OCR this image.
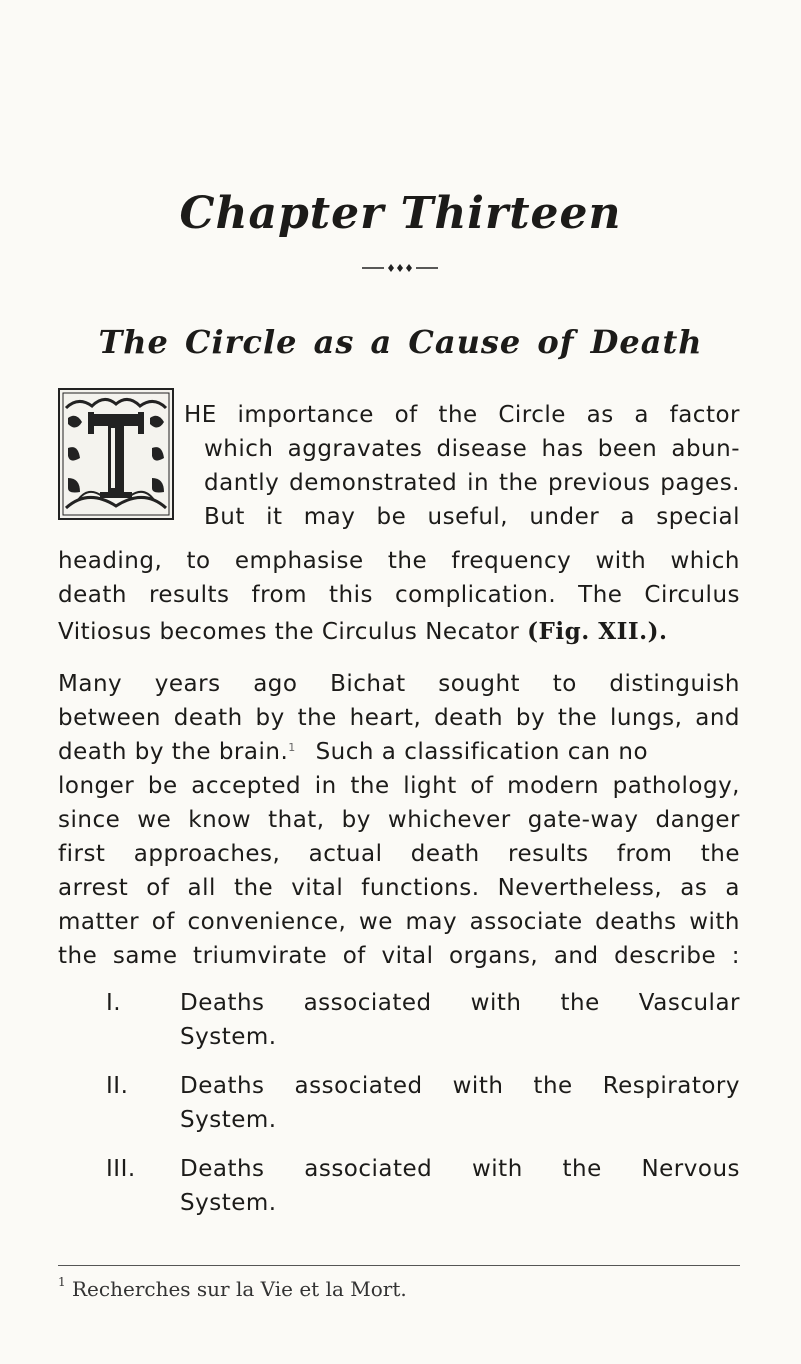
Chapter Thirteen
The Circle as a Cause of Death
HE importance of the Circle as a factor
which aggravates disease has been abun-
dantly demonstrated in the previous pages.
But it may be useful, under a special
heading, to emphasise the frequency with which
death results from this complication. The Circulus
Vitiosus becomes the Circulus Necator (Fig. XII.).
Many years ago Bichat sought to distinguish
between death by the heart, death by the lungs, and
death by the brain.$^1$ Such a classification can no
longer be accepted in the light of modern pathology,
since we know that, by whichever gate-way danger
first approaches, actual death results from the
arrest of all the vital functions. Nevertheless, as a
matter of convenience, we may associate deaths with
the same triumvirate of vital organs, and describe :
I.	Deaths associated with the Vascular
System.
II. Deaths associated with the Respiratory
System.
III. Deaths associated with the Nervous
System.
$^1$ Recherches sur la Vie et la Mort.
